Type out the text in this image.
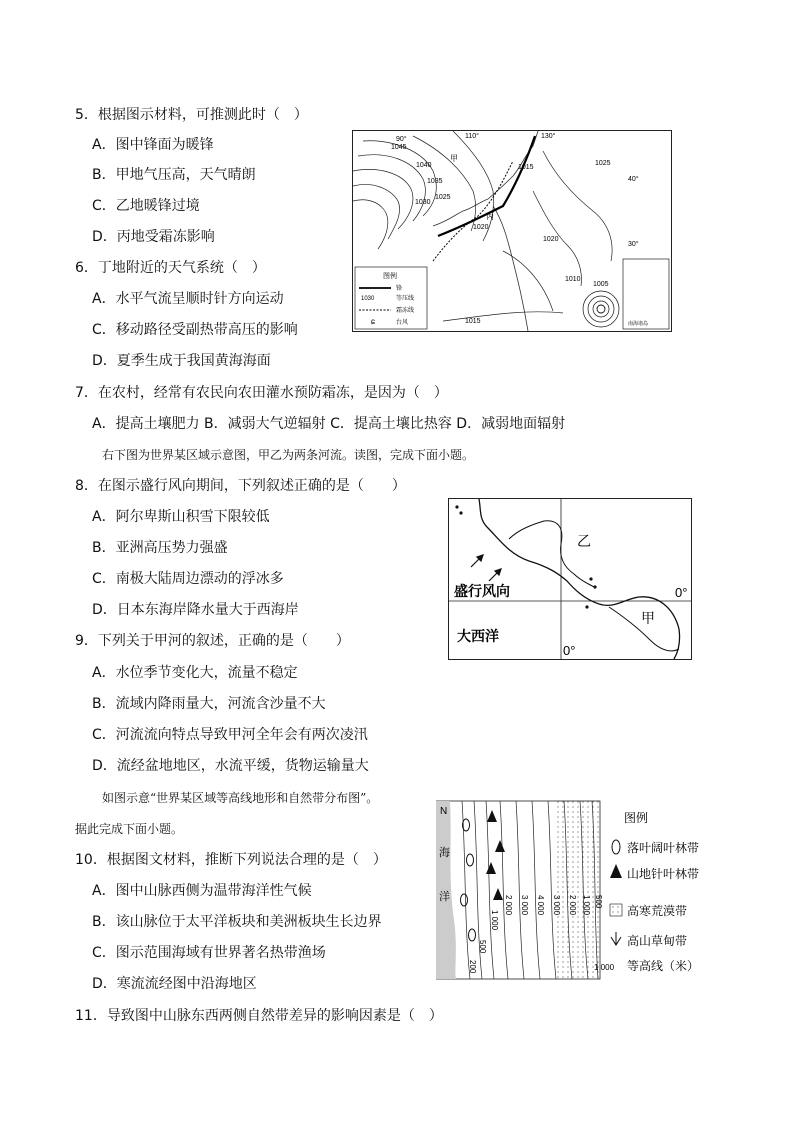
5．根据图示材料，可推测此时（　）
A．图中锋面为暖锋
B．甲地气压高，天气晴朗
C．乙地暖锋过境
D．丙地受霜冻影响
6．丁地附近的天气系统（　）
A．水平气流呈顺时针方向运动
C．移动路径受副热带高压的影响
D．夏季生成于我国黄海海面
7．在农村，经常有农民向农田灌水预防霜冻，是因为（　）
A．提高土壤肥力 B．减弱大气逆辐射 C．提高土壤比热容 D．减弱地面辐射
右下图为世界某区域示意图，甲乙为两条河流。读图，完成下面小题。
8．在图示盛行风向期间，下列叙述正确的是（　　）
A．阿尔卑斯山积雪下限较低
B．亚洲高压势力强盛
C．南极大陆周边漂动的浮冰多
D．日本东海岸降水量大于西海岸
9．下列关于甲河的叙述，正确的是（　　）
A．水位季节变化大，流量不稳定
B．流域内降雨量大，河流含沙量不大
C．河流流向特点导致甲河全年会有两次凌汛
D．流经盆地地区，水流平缓，货物运输量大
如图示意“世界某区域等高线地形和自然带分布图”。
据此完成下面小题。
10．根据图文材料，推断下列说法合理的是（　）
A．图中山脉西侧为温带海洋性气候
B．该山脉位于太平洋板块和美洲板块生长边界
C．图示范围海域有世界著名热带渔场
D．寒流流经图中沿海地区
11．导致图中山脉东西两侧自然带差异的影响因素是（　）
90°	110°	130°
40°
30°
1045
1040
1035
1030
1025
1020
1015
1025
1020
1010
1005
1015
甲
丙
图例
锋
1030	等压线
霜冻线
ɕ	台风	南海诸岛
乙
甲
盛行风向
大西洋
0°
0°
N
海
洋
200
500
1 000
2 000 3 000 4 000 3 000 2 000 1 000 500
图例
落叶阔叶林带
山地针叶林带
高寒荒漠带
高山草甸带
1 000 等高线（米）
